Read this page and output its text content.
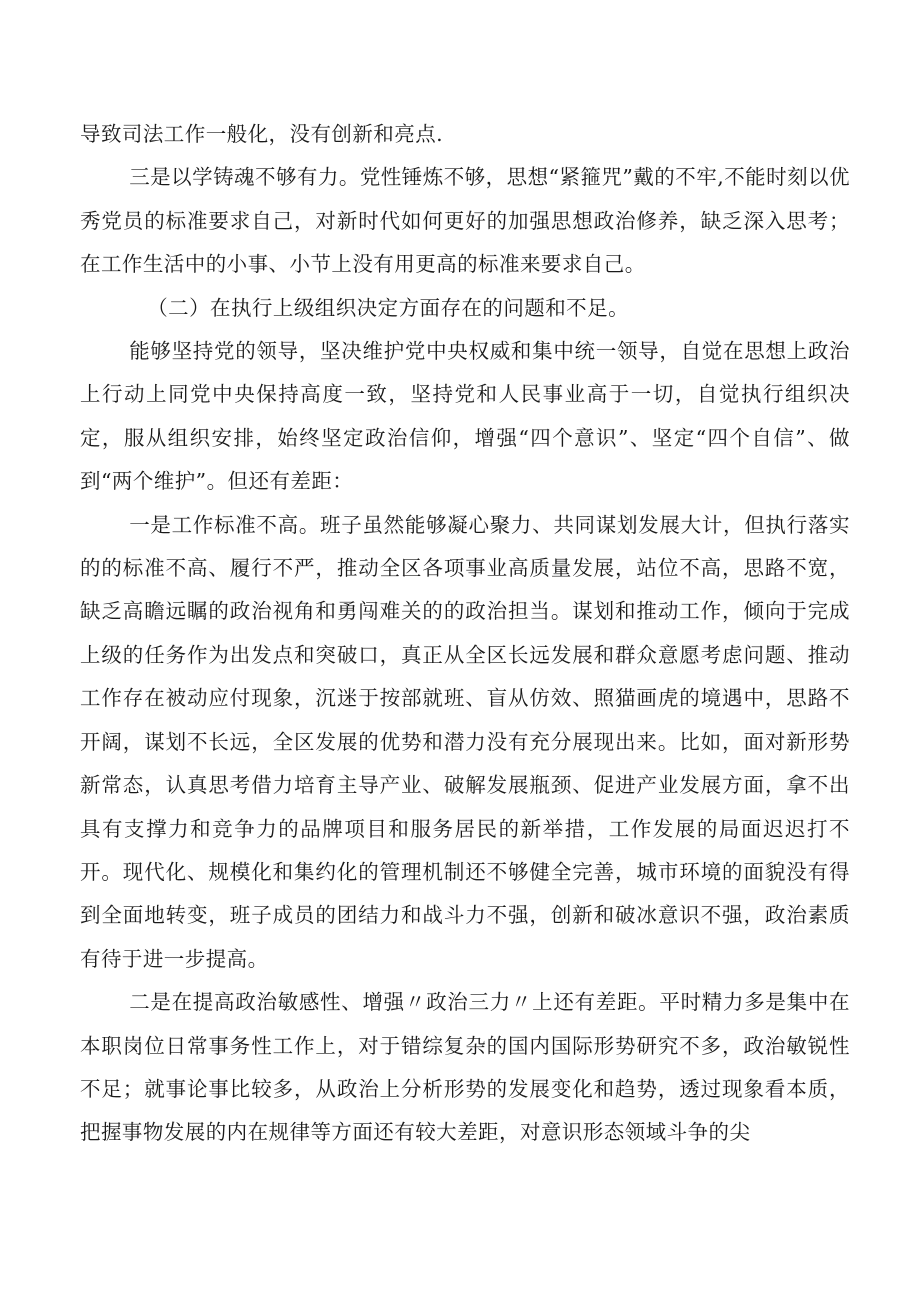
导致司法工作一般化，没有创新和亮点.

三是以学铸魂不够有力。党性锤炼不够，思想“紧箍咒”戴的不牢,不能时刻以优秀党员的标准要求自己，对新时代如何更好的加强思想政治修养，缺乏深入思考；在工作生活中的小事、小节上没有用更高的标准来要求自己。

（二）在执行上级组织决定方面存在的问题和不足。

能够坚持党的领导，坚决维护党中央权威和集中统一领导，自觉在思想上政治上行动上同党中央保持高度一致，坚持党和人民事业高于一切，自觉执行组织决定，服从组织安排，始终坚定政治信仰，增强“四个意识”、坚定“四个自信”、做到“两个维护”。但还有差距：

一是工作标准不高。班子虽然能够凝心聚力、共同谋划发展大计，但执行落实的的标准不高、履行不严，推动全区各项事业高质量发展，站位不高，思路不宽，缺乏高瞻远瞩的政治视角和勇闯难关的的政治担当。谋划和推动工作，倾向于完成上级的任务作为出发点和突破口，真正从全区长远发展和群众意愿考虑问题、推动工作存在被动应付现象，沉迷于按部就班、盲从仿效、照猫画虎的境遇中，思路不开阔，谋划不长远，全区发展的优势和潜力没有充分展现出来。比如，面对新形势新常态，认真思考借力培育主导产业、破解发展瓶颈、促进产业发展方面，拿不出具有支撑力和竞争力的品牌项目和服务居民的新举措，工作发展的局面迟迟打不开。现代化、规模化和集约化的管理机制还不够健全完善，城市环境的面貌没有得到全面地转变，班子成员的团结力和战斗力不强，创新和破冰意识不强，政治素质有待于进一步提高。

二是在提高政治敏感性、增强〃政治三力〃上还有差距。平时精力多是集中在本职岗位日常事务性工作上，对于错综复杂的国内国际形势研究不多，政治敏锐性不足；就事论事比较多，从政治上分析形势的发展变化和趋势，透过现象看本质，把握事物发展的内在规律等方面还有较大差距，对意识形态领域斗争的尖
